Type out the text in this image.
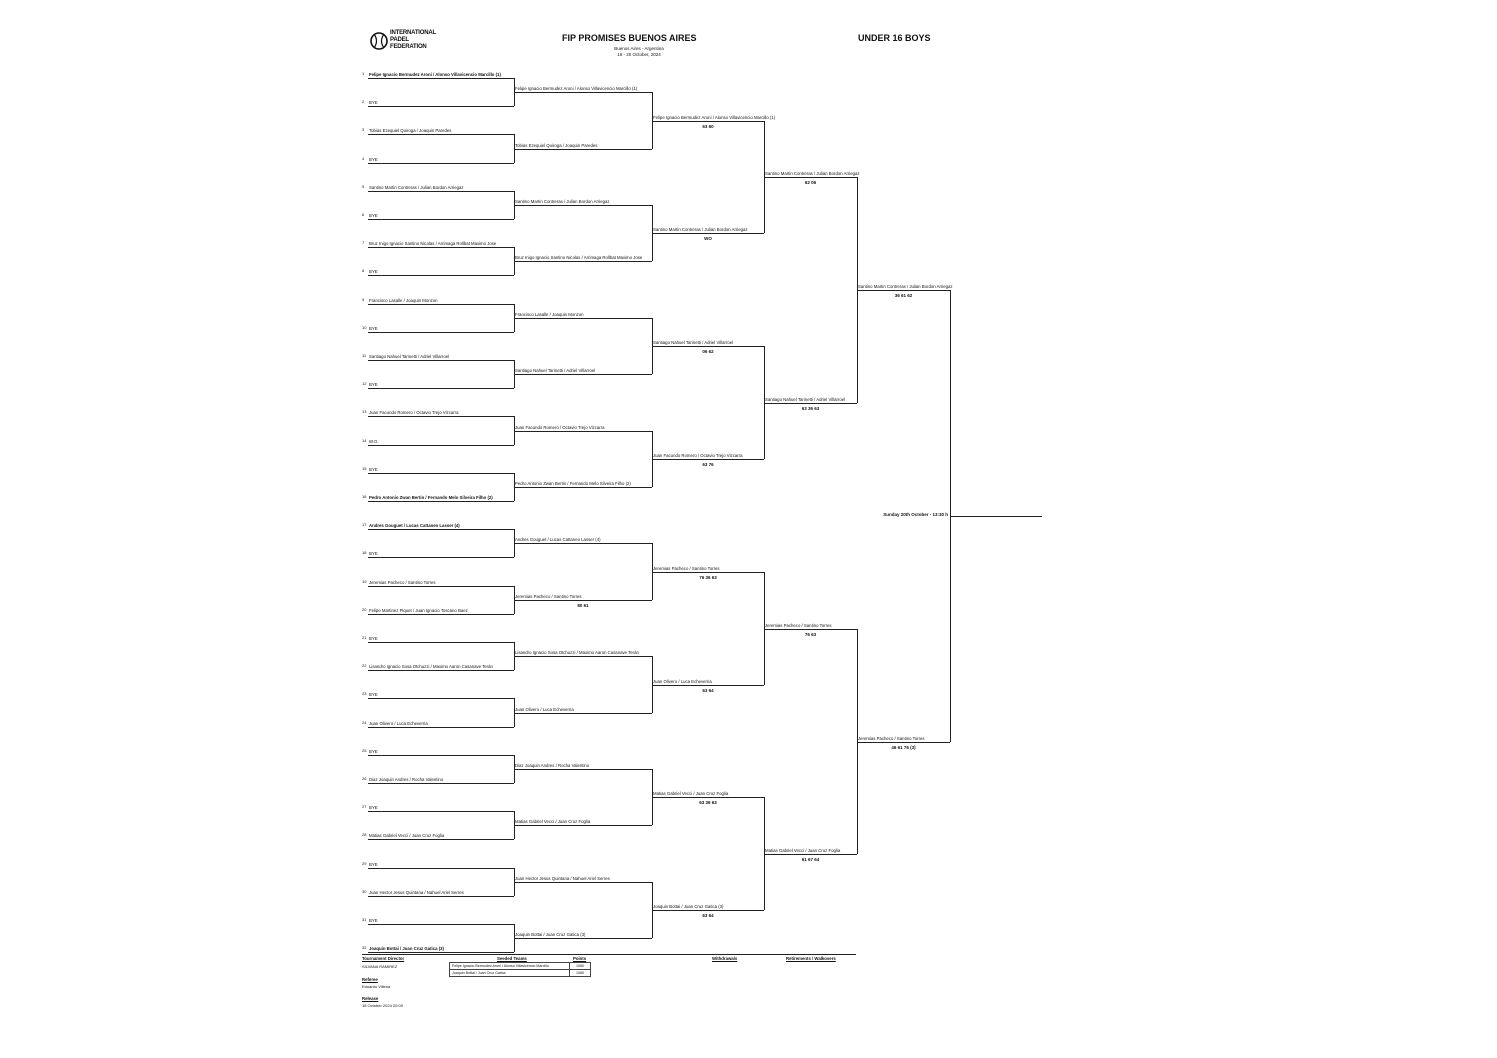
INTERNATIONAL
PADEL
FEDERATION
FIP PROMISES BUENOS AIRES	UNDER 16 BOYS
Buenos Aires - Argentina
16 - 20 October, 2024
1 Felipe Ignacio Bermudez Aroni / Alonso Villavicencio Marcillo (1)
2 BYE
3 Tobias Ezequiel Quiroga / Joaquin Paredes
4 BYE
5 Santino Martin Contreras / Julian Bordon Arriegaz
6 BYE
7 Bruz Inigo Ignacio Santino Nicolas / Arrimaga Rollbat Maximo Jose
8 BYE
9 Francisco Lasalle / Joaquin Monzon
10 BYE
11 Santiago Nahuel Tarinetti / Adriel Villarroel
12 BYE
13 Juan Facundo Romero / Octavio Trejo Vizcarra
14 W.O.
15 BYE
16 Pedro Antonio Zwan Bertin / Fernando Melo Silveira Filho (2)
17 Andres Gouguet / Lucas Cattaneo Lasser (4)
18 BYE
19 Jeremias Pacheco / Santino Torres
20 Felipe Martinez Piquet / Juan Ignacio Toscano Baez
21 BYE
22 Lisandro Ignacio Sosa Otchuzzi / Maximo Aaron Casanave Terán
23 BYE
24 Juan Olivero / Luca Echeverria
25 BYE
26 Diaz Joaquin Andres / Rocha Valentino
27 BYE
28 Matias Gabriel Vecci / Juan Cruz Foglia
29 BYE
30 Juan Hector Jesus Quintana / Nahuel Ariel Serres
31 BYE
32 Joaquin Bottai / Juan Cruz Gatica (3)
Felipe Ignacio Bermudez Aroni / Alonso Villavicencio Marcillo (1)
Tobias Ezequiel Quiroga / Joaquin Paredes
Santino Martin Contreras / Julian Bordon Arriegaz
Bruz Inigo Ignacio Santino Nicolas / Arrimaga Rollbat Maximo Jose
Francisco Lasalle / Joaquin Monzon
Santiago Nahuel Tarinetti / Adriel Villarroel
Juan Facundo Romero / Octavio Trejo Vizcarra
Pedro Antonio Zwan Bertin / Fernando Melo Silveira Filho (2)
Andres Gouguet / Lucas Cattaneo Lasser (4)
Jeremias Pacheco / Santino Torres
80 61
Lisandro Ignacio Sosa Otchuzzi / Maximo Aaron Casanave Terán
Juan Olivero / Luca Echeverria
Diaz Joaquin Andres / Rocha Valentino
Matias Gabriel Vecci / Juan Cruz Foglia
Juan Hector Jesus Quintana / Nahuel Ariel Serres
Joaquin Bottai / Juan Cruz Gatica (3)
Felipe Ignacio Bermudez Aroni / Alonso Villavicencio Marcillo (1)
63 60
Santino Martin Contreras / Julian Bordon Arriegaz
WO
Santiago Nahuel Tarinetti / Adriel Villarroel
06 62
Juan Facundo Romero / Octavio Trejo Vizcarra
63 76
Jeremias Pacheco / Santino Torres
76 36 63
Juan Olivero / Luca Echeverria
63 64
Matias Gabriel Vecci / Juan Cruz Foglia
63 36 63
Joaquin Bottai / Juan Cruz Gatica (3)
63 64
Santino Martin Contreras / Julian Bordon Arriegaz
62 06
Santiago Nahuel Tarinetti / Adriel Villarroel
63 36 63
Jeremias Pacheco / Santino Torres
76 63
Matias Gabriel Vecci / Juan Cruz Foglia
61 67 64
Santino Martin Contreras / Julian Bordon Arriegaz
36 61 62
Jeremias Pacheco / Santino Torres
46 61 76 (3)
Sunday 20th October - 13:30 h
Tournament Director
SILVANA RAMIREZ
Seeded Teams	Points
Felipe Ignacio Bermudez Aroni / Alonso Villavicencio Marcillo	1080
Joaquin Bottai / Juan Cruz Gatica	1080
Withdrawals	Retirements / Walkovers
Referee
Eduardo Villena
Release
18 October 2024 20:00
